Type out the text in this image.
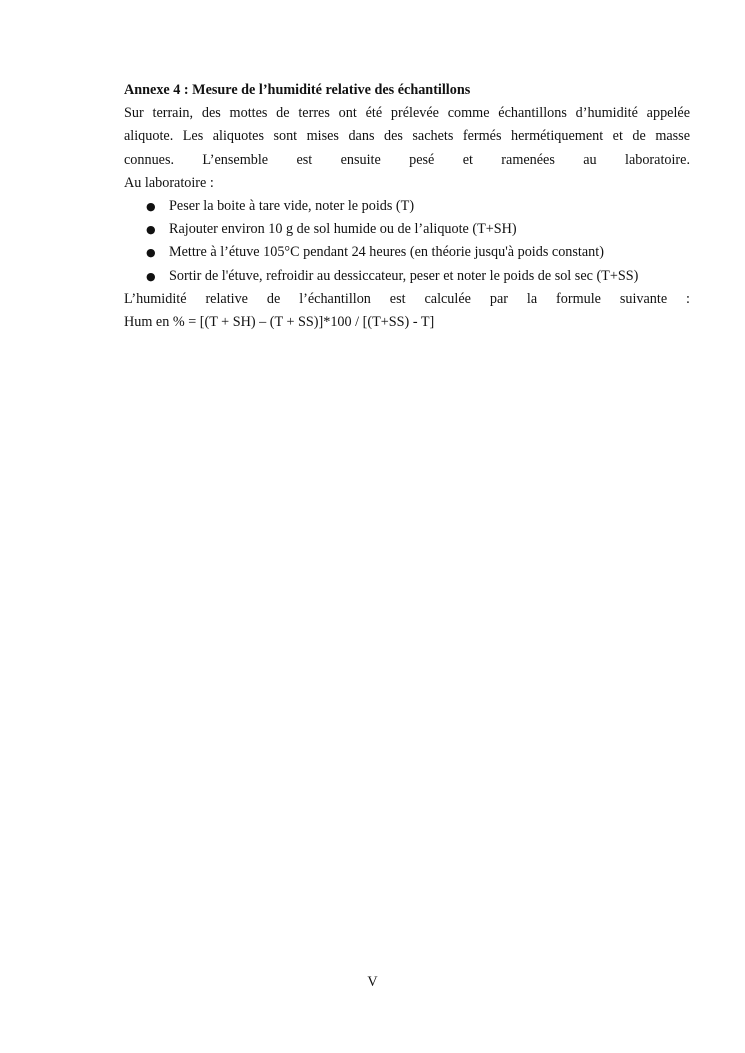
Annexe 4 : Mesure de l’humidité relative des échantillons

Sur terrain, des mottes de terres ont été prélevée comme échantillons d’humidité appelée
aliquote. Les aliquotes sont mises dans des sachets fermés hermétiquement et de masse
connues. L’ensemble est ensuite pesé et ramenées au laboratoire.
Au laboratoire :

● Peser la boite à tare vide, noter le poids (T)
● Rajouter environ 10 g de sol humide ou de l’aliquote (T+SH)
● Mettre à l’étuve 105°C pendant 24 heures (en théorie jusqu'à poids constant)
● Sortir de l'étuve, refroidir au dessiccateur, peser et noter le poids de sol sec (T+SS)

L’humidité relative de l’échantillon est calculée par la formule suivante :
Hum en % = [(T + SH) – (T + SS)]*100 / [(T+SS) - T]

V
